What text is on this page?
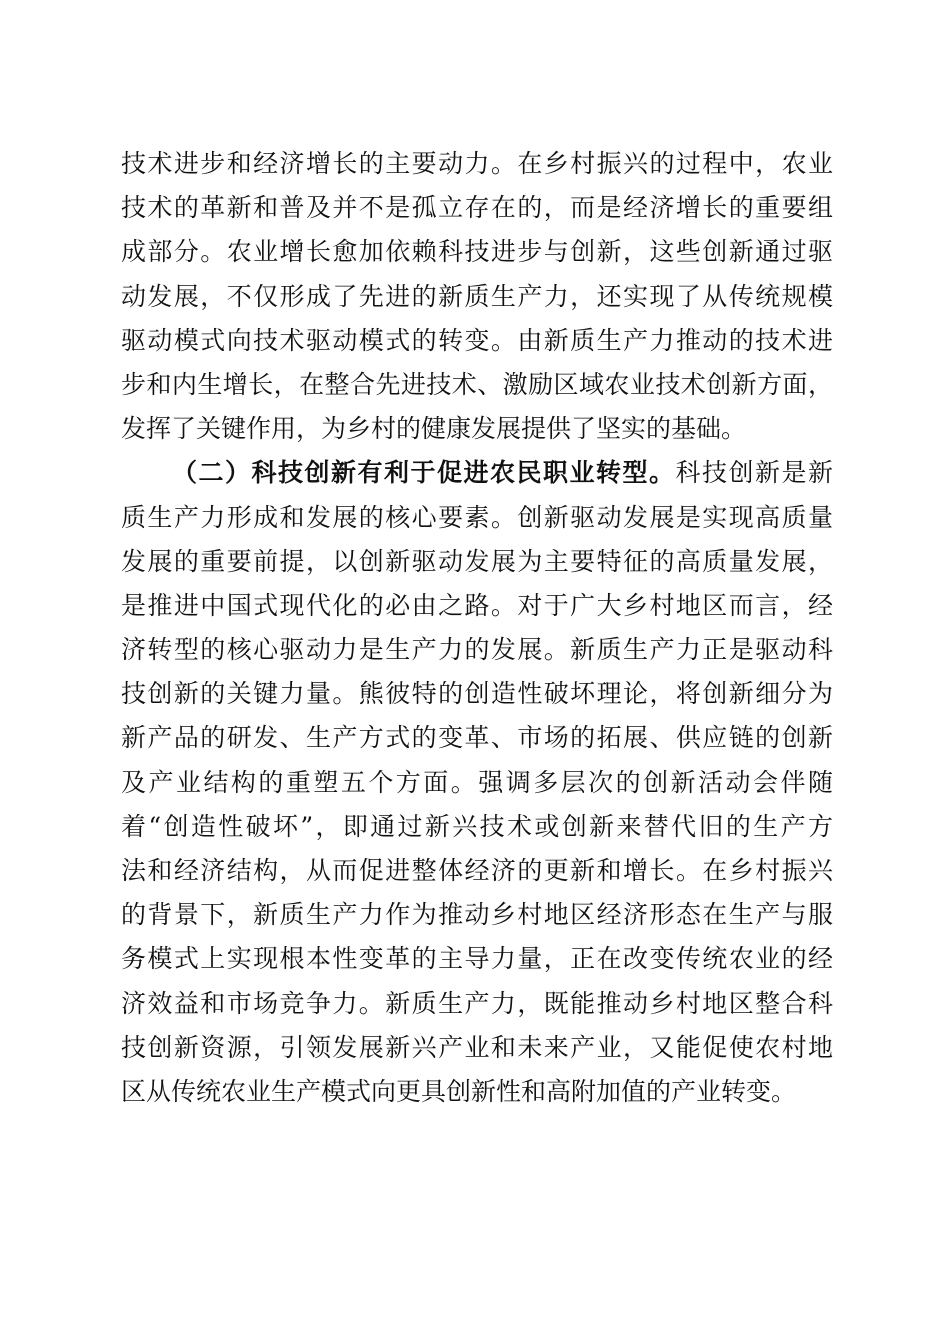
技术进步和经济增长的主要动力。在乡村振兴的过程中，农业
技术的革新和普及并不是孤立存在的，而是经济增长的重要组
成部分。农业增长愈加依赖科技进步与创新，这些创新通过驱
动发展，不仅形成了先进的新质生产力，还实现了从传统规模
驱动模式向技术驱动模式的转变。由新质生产力推动的技术进
步和内生增长，在整合先进技术、激励区域农业技术创新方面，
发挥了关键作用，为乡村的健康发展提供了坚实的基础。
（二）科技创新有利于促进农民职业转型。科技创新是新
质生产力形成和发展的核心要素。创新驱动发展是实现高质量
发展的重要前提，以创新驱动发展为主要特征的高质量发展，
是推进中国式现代化的必由之路。对于广大乡村地区而言，经
济转型的核心驱动力是生产力的发展。新质生产力正是驱动科
技创新的关键力量。熊彼特的创造性破坏理论，将创新细分为
新产品的研发、生产方式的变革、市场的拓展、供应链的创新
及产业结构的重塑五个方面。强调多层次的创新活动会伴随
着“创造性破坏”，即通过新兴技术或创新来替代旧的生产方
法和经济结构，从而促进整体经济的更新和增长。在乡村振兴
的背景下，新质生产力作为推动乡村地区经济形态在生产与服
务模式上实现根本性变革的主导力量，正在改变传统农业的经
济效益和市场竞争力。新质生产力，既能推动乡村地区整合科
技创新资源，引领发展新兴产业和未来产业，又能促使农村地
区从传统农业生产模式向更具创新性和高附加值的产业转变。
